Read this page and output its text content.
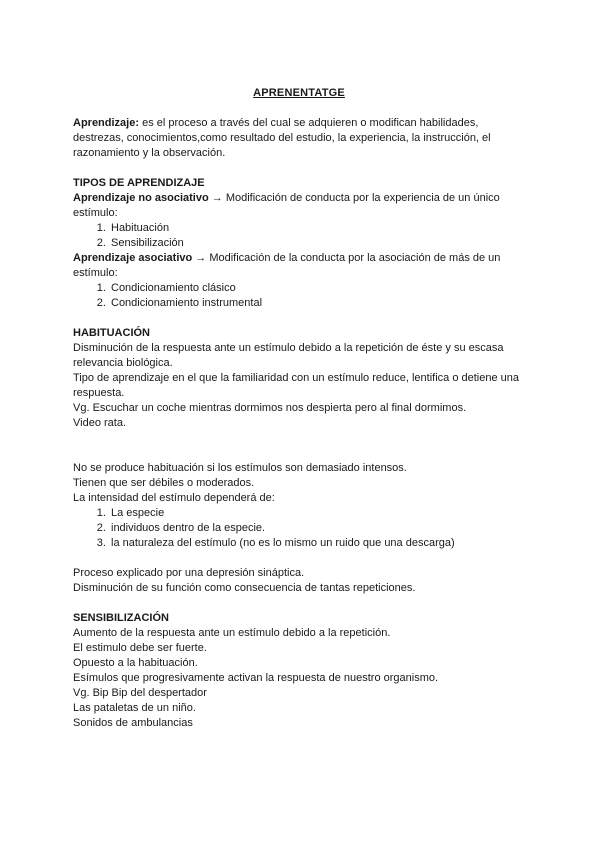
APRENENTATGE

Aprendizaje: es el proceso a través del cual se adquieren o modifican habilidades, destrezas, conocimientos,como resultado del estudio, la experiencia, la instrucción, el razonamiento y la observación.

TIPOS DE APRENDIZAJE

Aprendizaje no asociativo → Modificación de conducta por la experiencia de un único estímulo:

1. Habituación
2. Sensibilización

Aprendizaje asociativo → Modificación de la conducta por la asociación de más de un estímulo:

1. Condicionamiento clásico
2. Condicionamiento instrumental

HABITUACIÓN

Disminución de la respuesta ante un estímulo debido a la repetición de éste y su escasa relevancia biológica.

Tipo de aprendizaje en el que la familiaridad con un estímulo reduce, lentifica o detiene una respuesta.

Vg. Escuchar un coche mientras dormimos nos despierta pero al final dormimos.

Video rata.

No se produce habituación si los estímulos son demasiado intensos.

Tienen que ser débiles o moderados.

La intensidad del estímulo dependerá de:

1. La especie
2. individuos dentro de la especie.
3. la naturaleza del estímulo (no es lo mismo un ruido que una descarga)

Proceso explicado por una depresión sináptica.

Disminución de su función como consecuencia de tantas repeticiones.

SENSIBILIZACIÓN

Aumento de la respuesta ante un estímulo debido a la repetición.

El estimulo debe ser fuerte.

Opuesto a la habituación.

Esímulos que progresivamente activan la respuesta de nuestro organismo.

Vg. Bip Bip del despertador

Las pataletas de un niño.

Sonidos de ambulancias
